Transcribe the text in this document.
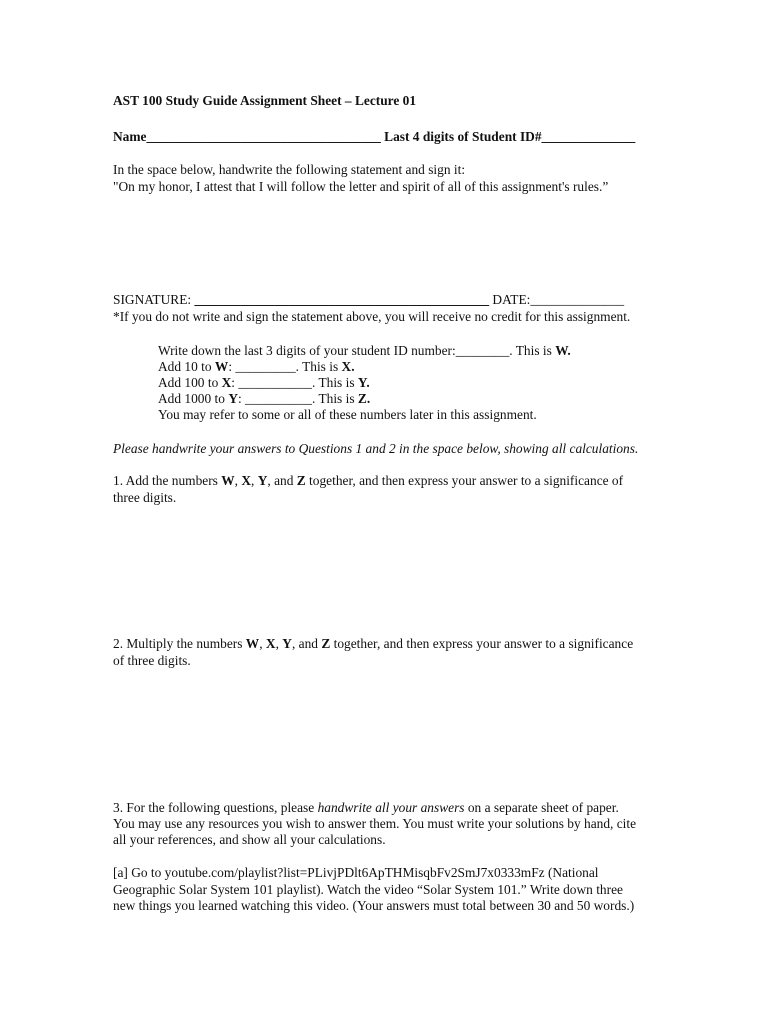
AST 100 Study Guide Assignment Sheet – Lecture 01
Name___________________________________ Last 4 digits of Student ID#______________
In the space below, handwrite the following statement and sign it:
"On my honor, I attest that I will follow the letter and spirit of all of this assignment's rules.”
SIGNATURE: ____________________________________________ DATE:______________
*If you do not write and sign the statement above, you will receive no credit for this assignment.
Write down the last 3 digits of your student ID number:________. This is W.
Add 10 to W: _________. This is X.
Add 100 to X: ___________. This is Y.
Add 1000 to Y: __________. This is Z.
You may refer to some or all of these numbers later in this assignment.
Please handwrite your answers to Questions 1 and 2 in the space below, showing all calculations.
1. Add the numbers W, X, Y, and Z together, and then express your answer to a significance of
three digits.
2. Multiply the numbers W, X, Y, and Z together, and then express your answer to a significance
of three digits.
3. For the following questions, please handwrite all your answers on a separate sheet of paper.
You may use any resources you wish to answer them. You must write your solutions by hand, cite
all your references, and show all your calculations.
[a] Go to youtube.com/playlist?list=PLivjPDlt6ApTHMisqbFv2SmJ7x0333mFz (National
Geographic Solar System 101 playlist). Watch the video “Solar System 101.” Write down three
new things you learned watching this video. (Your answers must total between 30 and 50 words.)
